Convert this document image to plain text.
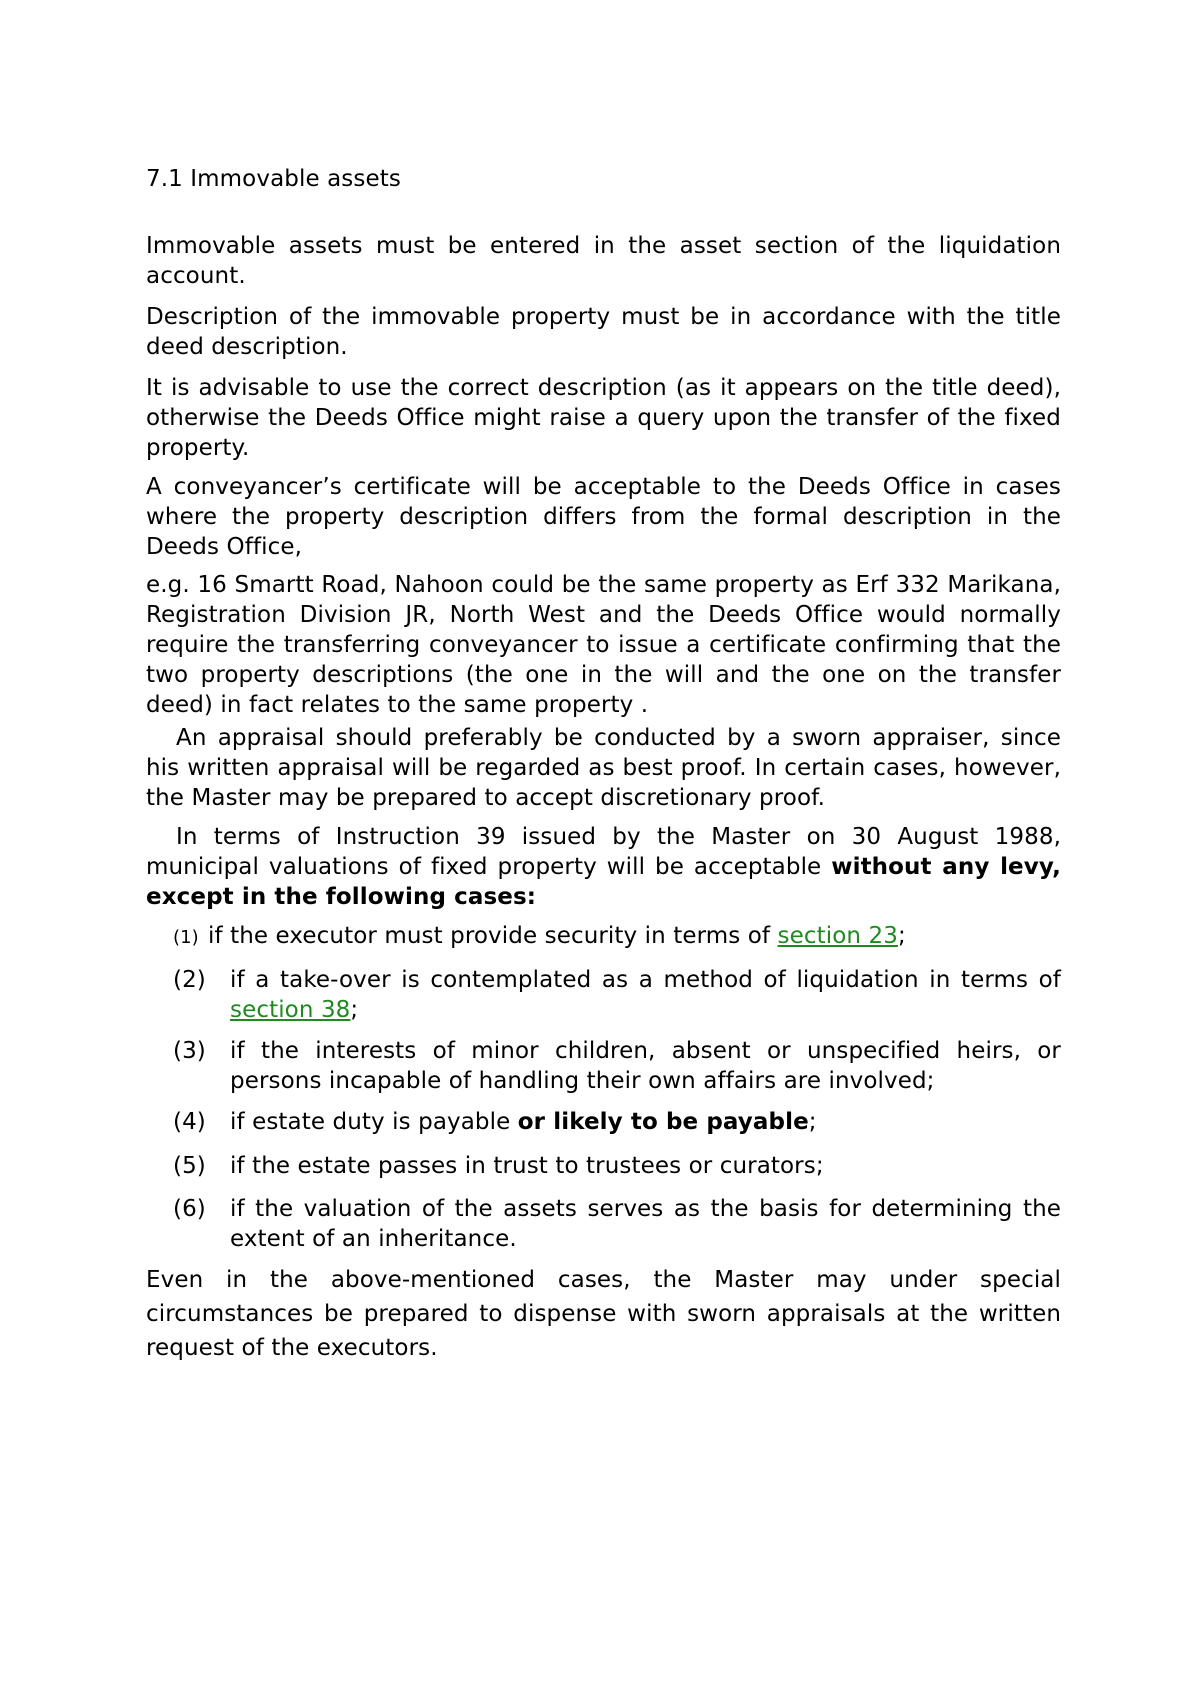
7.1 Immovable assets

Immovable assets must be entered in the asset section of the liquidation account.

Description of the immovable property must be in accordance with the title deed description.

It is advisable to use the correct description (as it appears on the title deed), otherwise the Deeds Office might raise a query upon the transfer of the fixed property.

A conveyancer’s certificate will be acceptable to the Deeds Office in cases where the property description differs from the formal description in the Deeds Office,

e.g. 16 Smartt Road, Nahoon could be the same property as Erf 332 Marikana, Registration Division JR, North West and the Deeds Office would normally require the transferring conveyancer to issue a certificate confirming that the two property descriptions (the one in the will and the one on the transfer deed) in fact relates to the same property .

An appraisal should preferably be conducted by a sworn appraiser, since his written appraisal will be regarded as best proof. In certain cases, however, the Master may be prepared to accept discretionary proof.

In terms of Instruction 39 issued by the Master on 30 August 1988, municipal valuations of fixed property will be acceptable without any levy, except in the following cases:

(1) if the executor must provide security in terms of section 23;

(2)	if a take-over is contemplated as a method of liquidation in terms of section 38;

(3)	if the interests of minor children, absent or unspecified heirs, or persons incapable of handling their own affairs are involved;

(4)	if estate duty is payable or likely to be payable;

(5)	if the estate passes in trust to trustees or curators;

(6)	if the valuation of the assets serves as the basis for determining the extent of an inheritance.

Even in the above-mentioned cases, the Master may under special circumstances be prepared to dispense with sworn appraisals at the written request of the executors.
